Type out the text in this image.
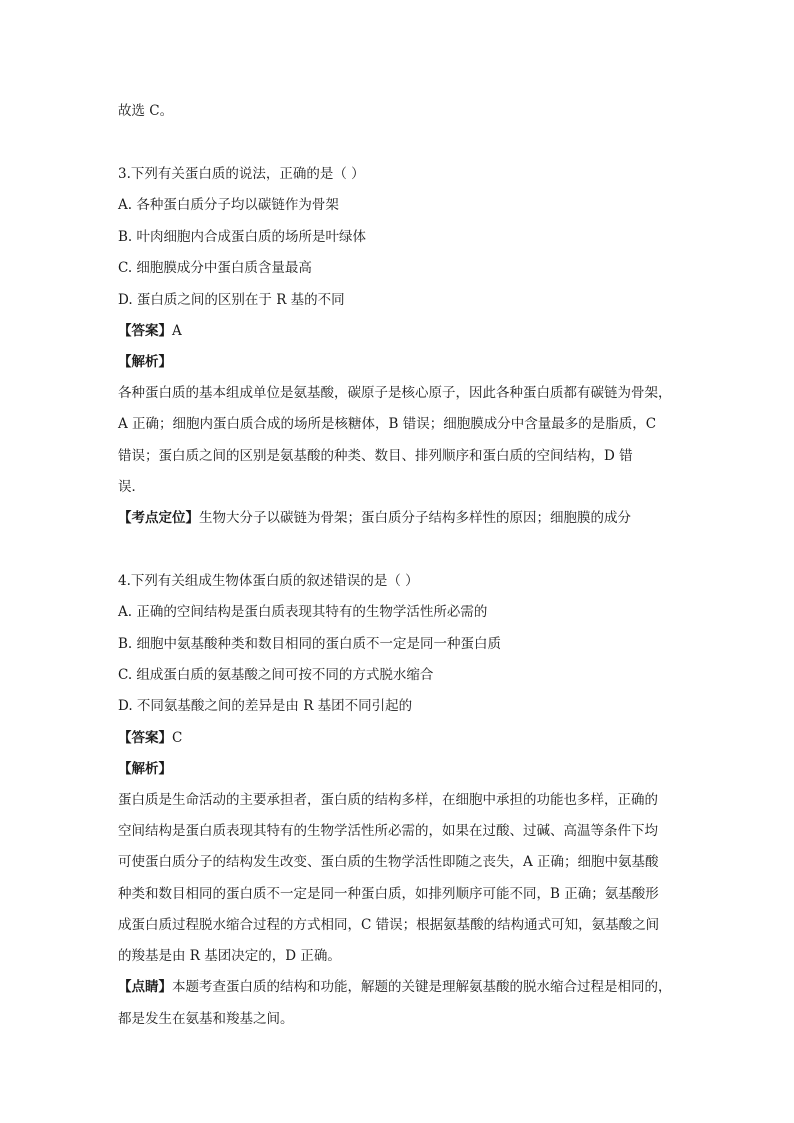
故选 C。
3.下列有关蛋白质的说法，正确的是（ ）
A. 各种蛋白质分子均以碳链作为骨架
B. 叶肉细胞内合成蛋白质的场所是叶绿体
C. 细胞膜成分中蛋白质含量最高
D. 蛋白质之间的区别在于 R 基的不同
【答案】A
【解析】
各种蛋白质的基本组成单位是氨基酸，碳原子是核心原子，因此各种蛋白质都有碳链为骨架，
A 正确；细胞内蛋白质合成的场所是核糖体，B 错误；细胞膜成分中含量最多的是脂质，C
错误；蛋白质之间的区别是氨基酸的种类、数目、排列顺序和蛋白质的空间结构，D 错
误．
【考点定位】生物大分子以碳链为骨架；蛋白质分子结构多样性的原因；细胞膜的成分
4.下列有关组成生物体蛋白质的叙述错误的是（ ）
A. 正确的空间结构是蛋白质表现其特有的生物学活性所必需的
B. 细胞中氨基酸种类和数目相同的蛋白质不一定是同一种蛋白质
C. 组成蛋白质的氨基酸之间可按不同的方式脱水缩合
D. 不同氨基酸之间的差异是由 R 基团不同引起的
【答案】C
【解析】
蛋白质是生命活动的主要承担者，蛋白质的结构多样，在细胞中承担的功能也多样，正确的
空间结构是蛋白质表现其特有的生物学活性所必需的，如果在过酸、过碱、高温等条件下均
可使蛋白质分子的结构发生改变、蛋白质的生物学活性即随之丧失，A 正确；细胞中氨基酸
种类和数目相同的蛋白质不一定是同一种蛋白质，如排列顺序可能不同，B 正确；氨基酸形
成蛋白质过程脱水缩合过程的方式相同，C 错误；根据氨基酸的结构通式可知，氨基酸之间
的羧基是由 R 基团决定的，D 正确。
【点睛】本题考查蛋白质的结构和功能，解题的关键是理解氨基酸的脱水缩合过程是相同的，
都是发生在氨基和羧基之间。
